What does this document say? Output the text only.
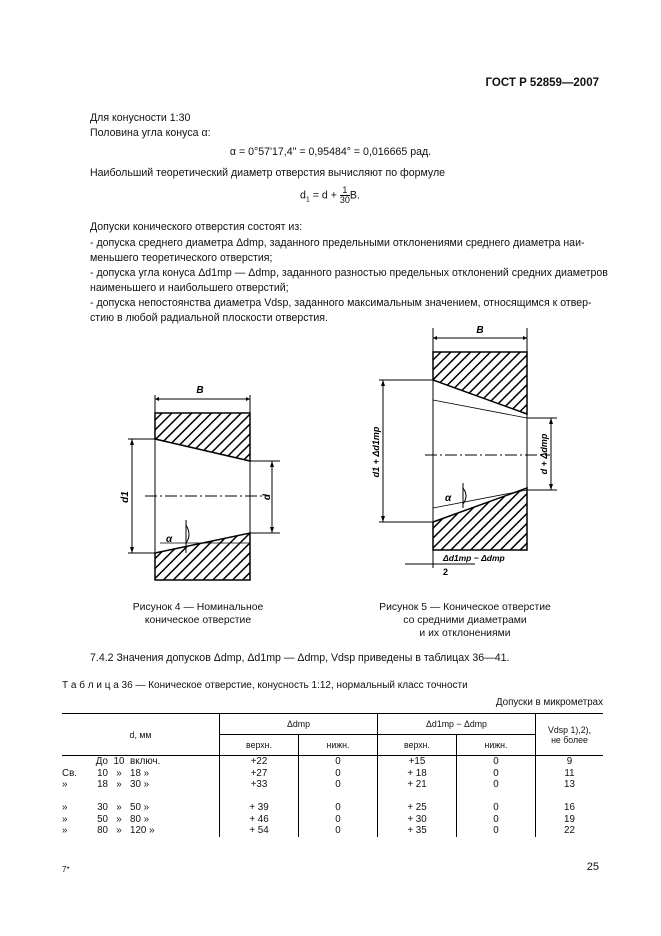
ГОСТ Р 52859—2007
Для конусности 1:30
Половина угла конуса α:
α = 0°57'17,4" = 0,95484° = 0,016665 рад.
Наибольший теоретический диаметр отверстия вычисляют по формуле
$d_1 = d + \frac{1}{30} B$.
Допуски конического отверстия состоят из:
- допуска среднего диаметра Δdmp, заданного предельными отклонениями среднего диаметра наи-
меньшего теоретического отверстия;
- допуска угла конуса Δd1mp — Δdmp, заданного разностью предельных отклонений средних диаметров
наименьшего и наибольшего отверстий;
- допуска непостоянства диаметра Vdsp, заданного максимальным значением, относящимся к отвер-
стию в любой радиальной плоскости отверстия.
B
d1	d
α
Рисунок 4 — Номинальное
коническое отверстие
B
d1 + Δd1mp	d + Δdmp
α
Δd1mp − Δdmp
2
Рисунок 5 — Коническое отверстие
со средними диаметрами
и их отклонениями
7.4.2 Значения допусков Δdmp, Δd1mp — Δdmp, Vdsp приведены в таблицах 36—41.
Т а б л и ц а 36 — Коническое отверстие, конусность 1:12, нормальный класс точности
Допуски в микрометрах
d, мм	Δdmp		Δd1mp − Δdmp		Vdsp 1),2),
не более

	верхн.	нижн.	верхн.	нижн.	
До 10 включ.	+22	0	+15	0	9
Св. 10 » 18 »	+27	0	+ 18	0	11
» 18 » 30 »	+33	0	+ 21	0	13

» 30 » 50 »	+ 39	0	+ 25	0	16
» 50 » 80 »	+ 46	0	+ 30	0	19
» 80 » 120 »	+ 54	0	+ 35	0	22
7*	25
